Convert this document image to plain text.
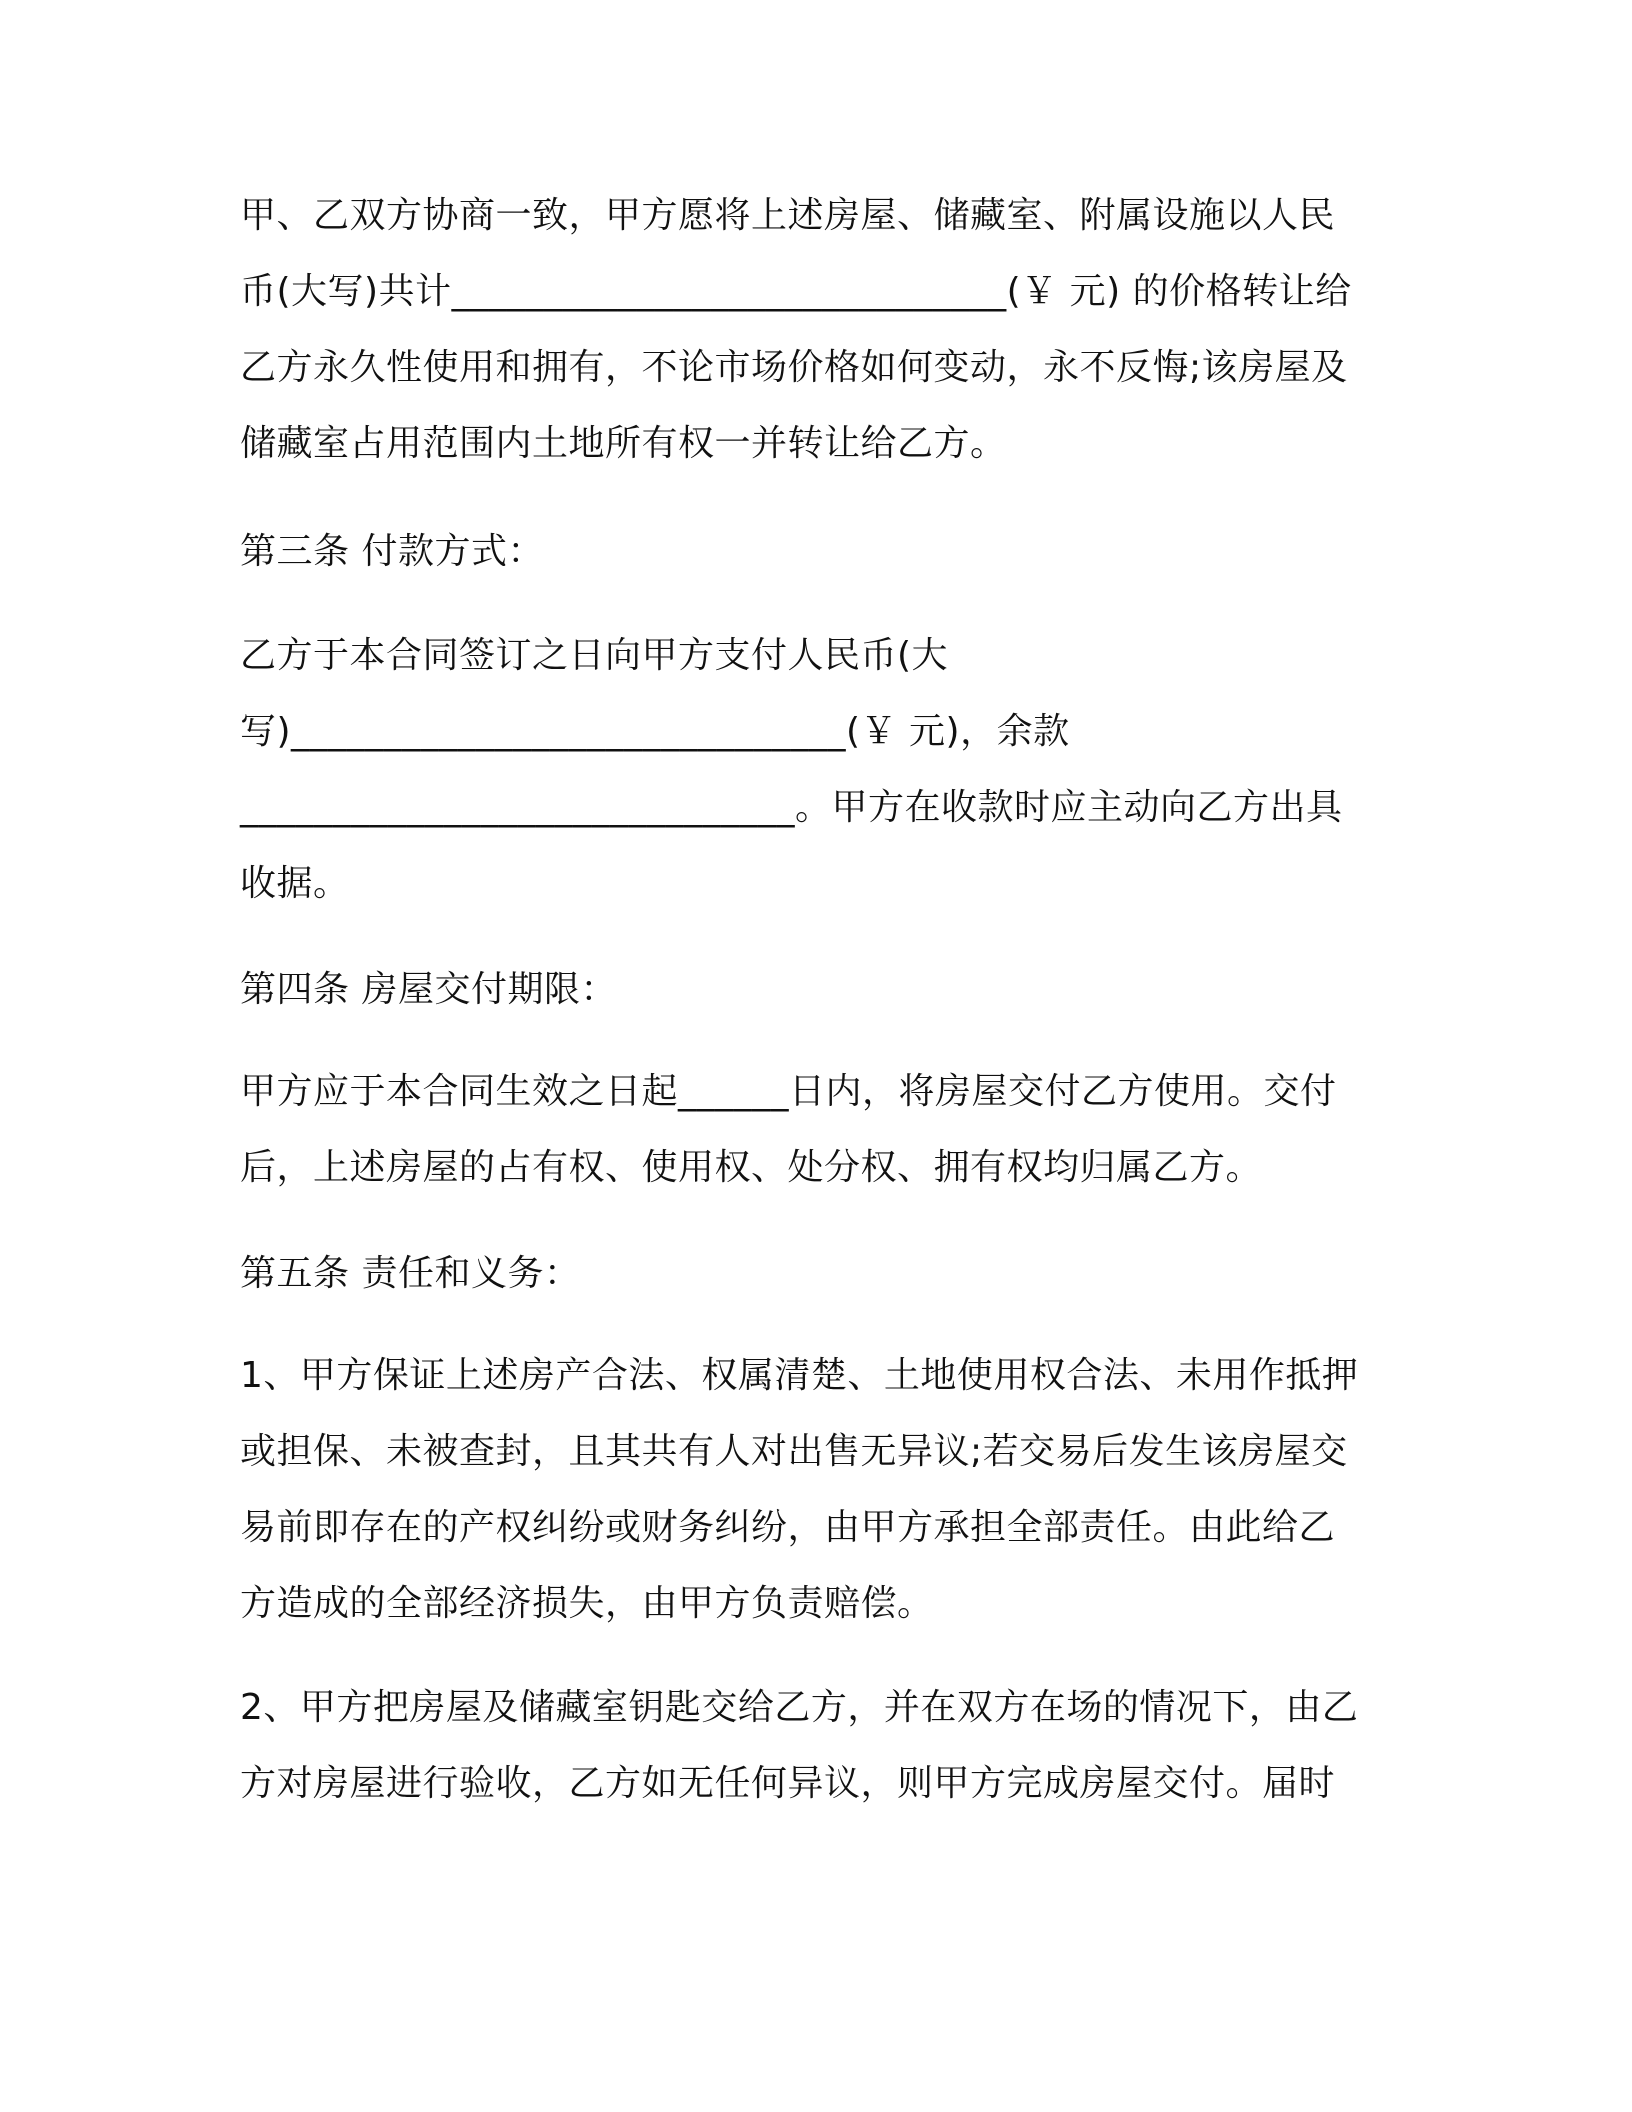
甲、乙双方协商一致，甲方愿将上述房屋、储藏室、附属设施以人民
币(大写)共计______________________________(￥ 元) 的价格转让给
乙方永久性使用和拥有，不论市场价格如何变动，永不反悔;该房屋及
储藏室占用范围内土地所有权一并转让给乙方。
第三条 付款方式：
乙方于本合同签订之日向甲方支付人民币(大
写)______________________________(￥ 元)，余款
______________________________。甲方在收款时应主动向乙方出具
收据。
第四条 房屋交付期限：
甲方应于本合同生效之日起______日内，将房屋交付乙方使用。交付
后，上述房屋的占有权、使用权、处分权、拥有权均归属乙方。
第五条 责任和义务：
1、甲方保证上述房产合法、权属清楚、土地使用权合法、未用作抵押
或担保、未被查封，且其共有人对出售无异议;若交易后发生该房屋交
易前即存在的产权纠纷或财务纠纷，由甲方承担全部责任。由此给乙
方造成的全部经济损失，由甲方负责赔偿。
2、甲方把房屋及储藏室钥匙交给乙方，并在双方在场的情况下，由乙
方对房屋进行验收，乙方如无任何异议，则甲方完成房屋交付。届时
